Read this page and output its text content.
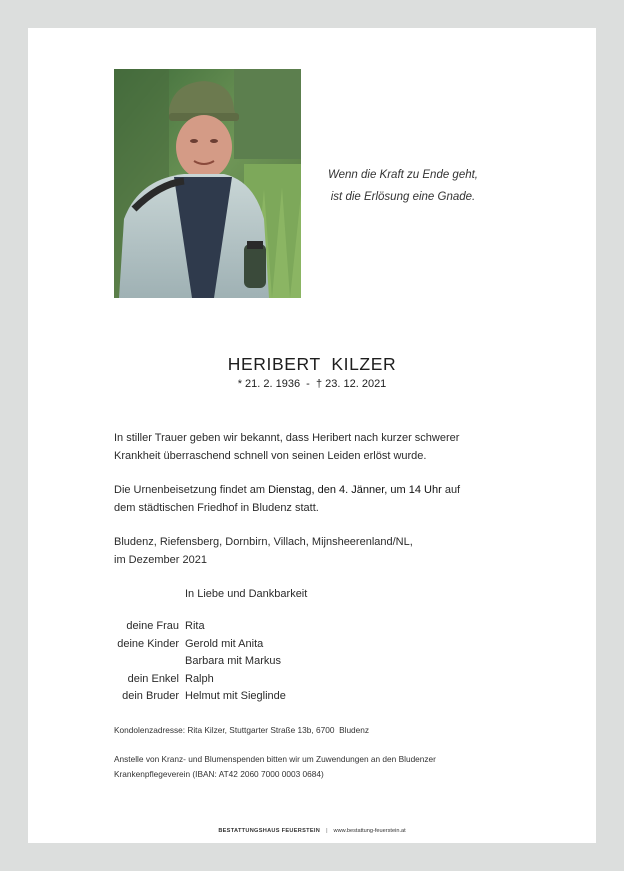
Wenn die Kraft zu Ende geht,
ist die Erlösung eine Gnade.
HERIBERT  KILZER
* 21. 2. 1936  -  † 23. 12. 2021
In stiller Trauer geben wir bekannt, dass Heribert nach kurzer schwerer
Krankheit überraschend schnell von seinen Leiden erlöst wurde.
Die Urnenbeisetzung findet am Dienstag, den 4. Jänner, um 14 Uhr auf
dem städtischen Friedhof in Bludenz statt.
Bludenz, Riefensberg, Dornbirn, Villach, Mijnsheerenland/NL,
im Dezember 2021
In Liebe und Dankbarkeit
deine Frau Rita
deine Kinder Gerold mit Anita
Barbara mit Markus
dein Enkel Ralph
dein Bruder Helmut mit Sieglinde
Kondolenzadresse: Rita Kilzer, Stuttgarter Straße 13b, 6700  Bludenz
Anstelle von Kranz- und Blumenspenden bitten wir um Zuwendungen an den Bludenzer
Krankenpflegeverein (IBAN: AT42 2060 7000 0003 0684)
BESTATTUNGSHAUS FEUERSTEIN | www.bestattung-feuerstein.at
